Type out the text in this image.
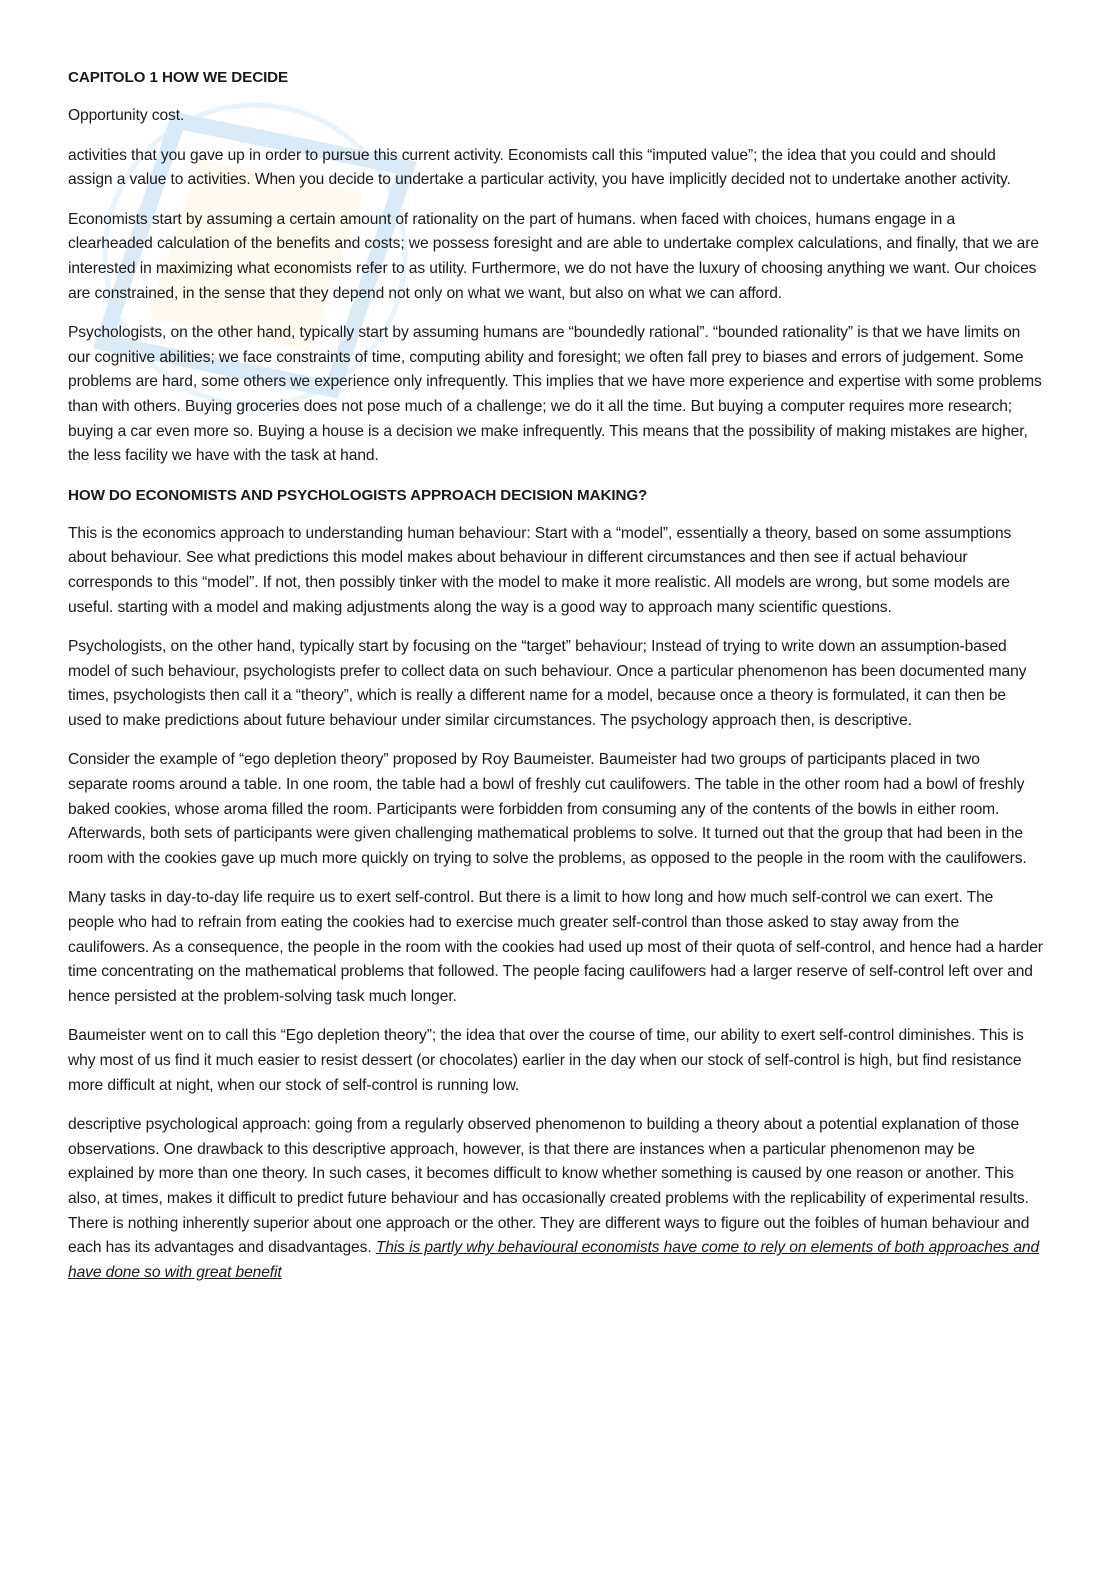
CAPITOLO 1 HOW WE DECIDE

Opportunity cost.

activities that you gave up in order to pursue this current activity. Economists call this “imputed value”; the idea that you could and should assign a value to activities. When you decide to undertake a particular activity, you have implicitly decided not to undertake another activity.

Economists start by assuming a certain amount of rationality on the part of humans. when faced with choices, humans engage in a clearheaded calculation of the benefits and costs; we possess foresight and are able to undertake complex calculations, and finally, that we are interested in maximizing what economists refer to as utility. Furthermore, we do not have the luxury of choosing anything we want. Our choices are constrained, in the sense that they depend not only on what we want, but also on what we can afford.

Psychologists, on the other hand, typically start by assuming humans are “boundedly rational”. “bounded rationality” is that we have limits on our cognitive abilities; we face constraints of time, computing ability and foresight; we often fall prey to biases and errors of judgement. Some problems are hard, some others we experience only infrequently. This implies that we have more experience and expertise with some problems than with others. Buying groceries does not pose much of a challenge; we do it all the time. But buying a computer requires more research; buying a car even more so. Buying a house is a decision we make infrequently. This means that the possibility of making mistakes are higher, the less facility we have with the task at hand.

HOW DO ECONOMISTS AND PSYCHOLOGISTS APPROACH DECISION MAKING?

This is the economics approach to understanding human behaviour: Start with a “model”, essentially a theory, based on some assumptions about behaviour. See what predictions this model makes about behaviour in different circumstances and then see if actual behaviour corresponds to this “model”. If not, then possibly tinker with the model to make it more realistic. All models are wrong, but some models are useful. starting with a model and making adjustments along the way is a good way to approach many scientific questions.

Psychologists, on the other hand, typically start by focusing on the “target” behaviour; Instead of trying to write down an assumption-based model of such behaviour, psychologists prefer to collect data on such behaviour. Once a particular phenomenon has been documented many times, psychologists then call it a “theory”, which is really a different name for a model, because once a theory is formulated, it can then be used to make predictions about future behaviour under similar circumstances. The psychology approach then, is descriptive.

Consider the example of “ego depletion theory” proposed by Roy Baumeister. Baumeister had two groups of participants placed in two separate rooms around a table. In one room, the table had a bowl of freshly cut caulifowers. The table in the other room had a bowl of freshly baked cookies, whose aroma filled the room. Participants were forbidden from consuming any of the contents of the bowls in either room. Afterwards, both sets of participants were given challenging mathematical problems to solve. It turned out that the group that had been in the room with the cookies gave up much more quickly on trying to solve the problems, as opposed to the people in the room with the caulifowers.

Many tasks in day-to-day life require us to exert self-control. But there is a limit to how long and how much self-control we can exert. The people who had to refrain from eating the cookies had to exercise much greater self-control than those asked to stay away from the caulifowers. As a consequence, the people in the room with the cookies had used up most of their quota of self-control, and hence had a harder time concentrating on the mathematical problems that followed. The people facing caulifowers had a larger reserve of self-control left over and hence persisted at the problem-solving task much longer.

Baumeister went on to call this “Ego depletion theory”; the idea that over the course of time, our ability to exert self-control diminishes. This is why most of us find it much easier to resist dessert (or chocolates) earlier in the day when our stock of self-control is high, but find resistance more difficult at night, when our stock of self-control is running low.

descriptive psychological approach: going from a regularly observed phenomenon to building a theory about a potential explanation of those observations. One drawback to this descriptive approach, however, is that there are instances when a particular phenomenon may be explained by more than one theory. In such cases, it becomes difficult to know whether something is caused by one reason or another. This also, at times, makes it difficult to predict future behaviour and has occasionally created problems with the replicability of experimental results. There is nothing inherently superior about one approach or the other. They are different ways to figure out the foibles of human behaviour and each has its advantages and disadvantages. This is partly why behavioural economists have come to rely on elements of both approaches and have done so with great benefit
